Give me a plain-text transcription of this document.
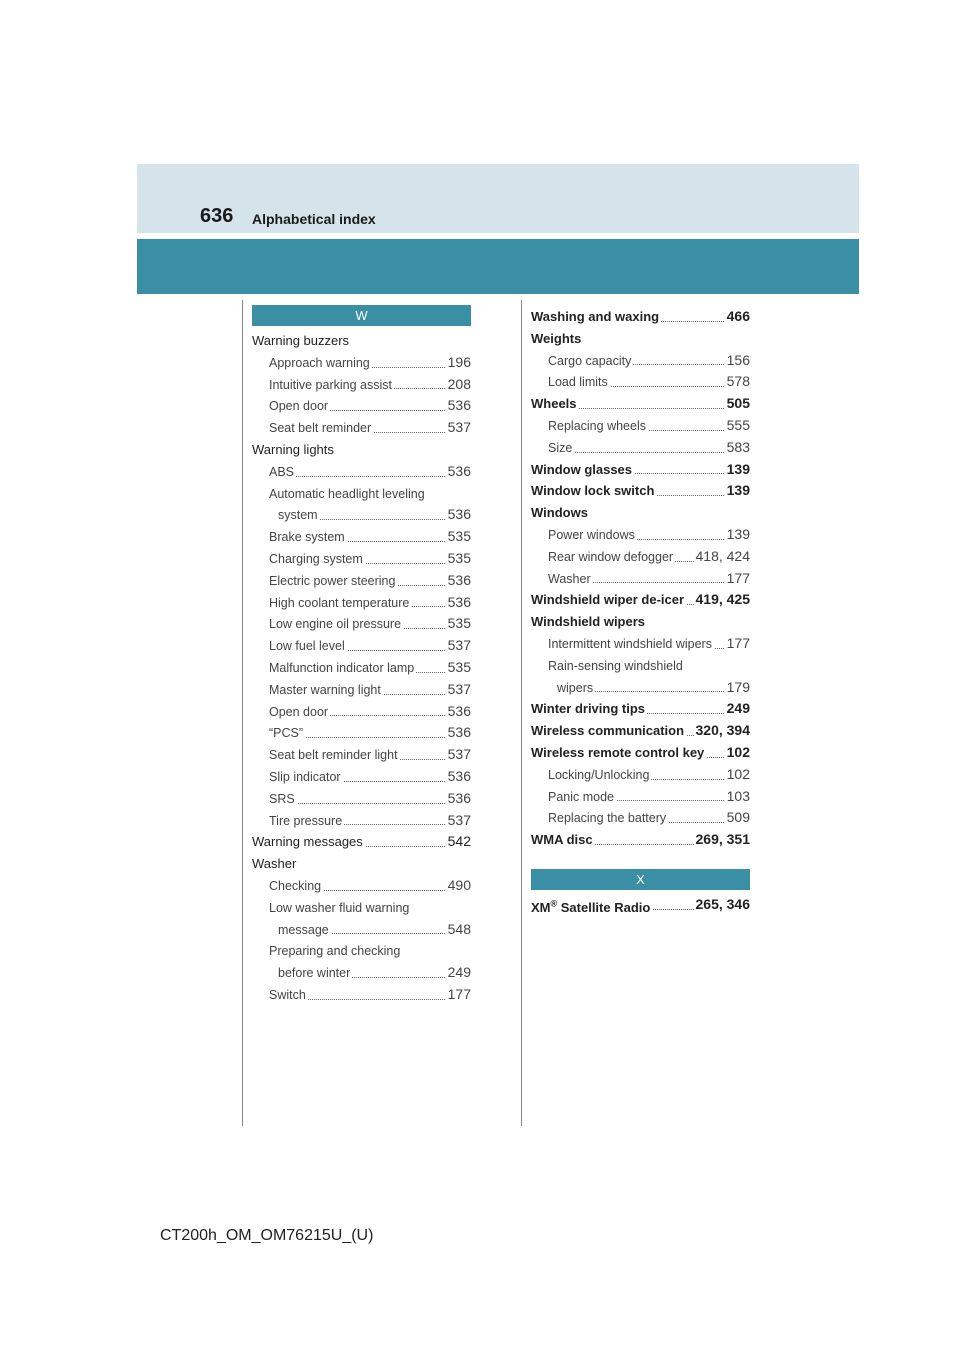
636 Alphabetical index
W
Warning buzzers
Approach warning	196
Intuitive parking assist	208
Open door	536
Seat belt reminder	537
Warning lights
ABS	536
Automatic headlight leveling
system	536
Brake system	535
Charging system	535
Electric power steering	536
High coolant temperature	536
Low engine oil pressure	535
Low fuel level	537
Malfunction indicator lamp 535
Master warning light	537
Open door	536
“PCS”	536
Seat belt reminder light	537
Slip indicator	536
SRS	536
Tire pressure	537
Warning messages	542
Washer
Checking	490
Low washer fluid warning
message	548
Preparing and checking
before winter	249
Switch	177
Washing and waxing	466
Weights
Cargo capacity	156
Load limits	578
Wheels	505
Replacing wheels	555
Size	583
Window glasses	139
Window lock switch	139
Windows
Power windows	139
Rear window defogger 418, 424
Washer	177
Windshield wiper de-icer 419, 425
Windshield wipers
Intermittent windshield wipers 177
Rain-sensing windshield
wipers	179
Winter driving tips	249
Wireless communication 320, 394
Wireless remote control key 102
Locking/Unlocking	102
Panic mode	103
Replacing the battery	509
WMA disc	269, 351
X
XM® Satellite Radio	265, 346
CT200h_OM_OM76215U_(U)
